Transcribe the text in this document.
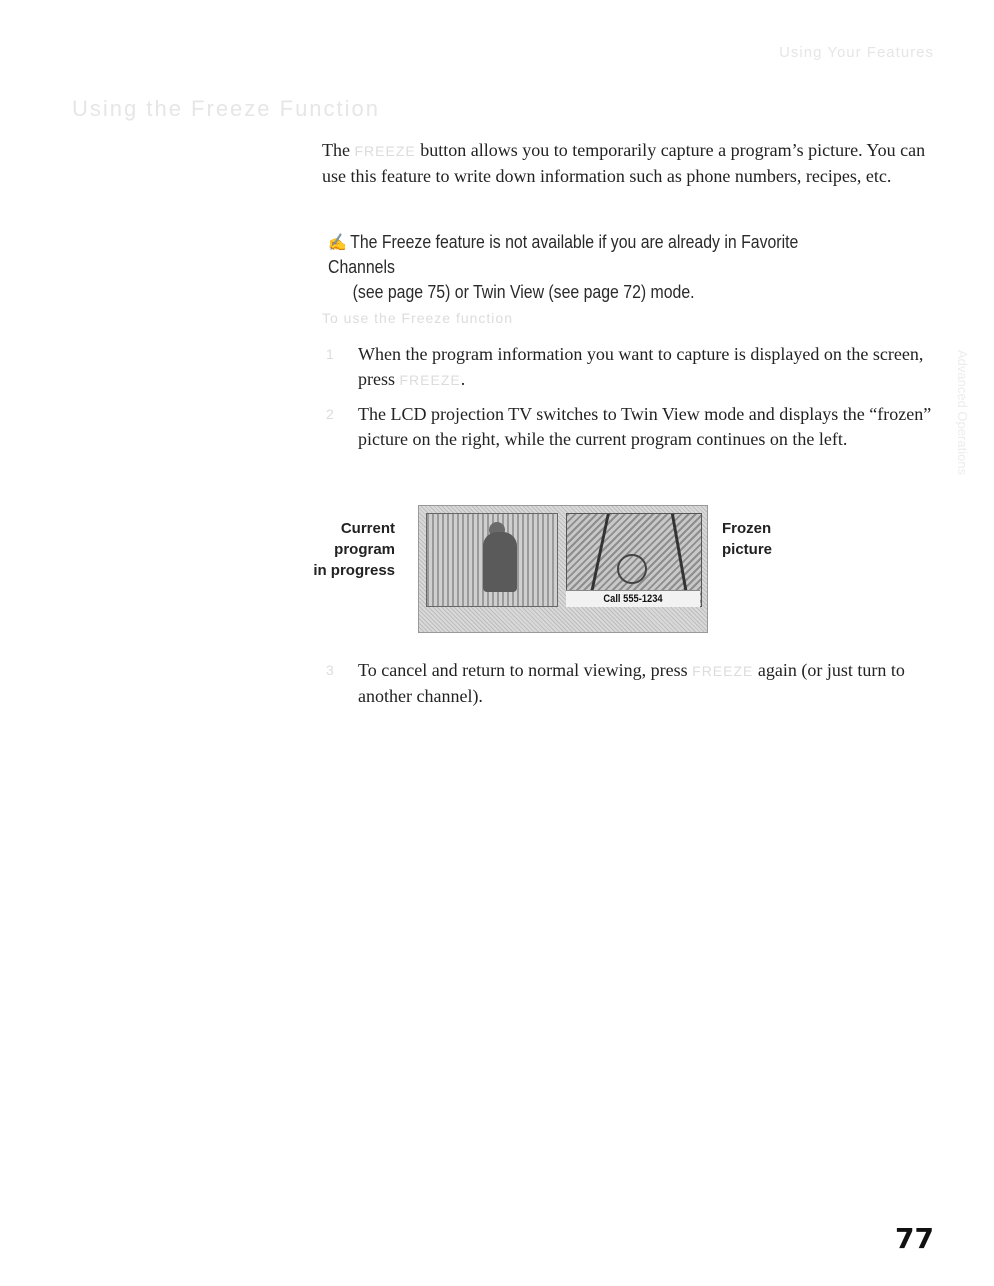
Using Your Features
Using the Freeze Function
Advanced Operations
The FREEZE button allows you to temporarily capture a program’s picture. You can use this feature to write down information such as phone numbers, recipes, etc.
✍ The Freeze feature is not available if you are already in Favorite Channels
(see page 75) or Twin View (see page 72) mode.
To use the Freeze function
1	When the program information you want to capture is displayed on the screen, press FREEZE.
2	The LCD projection TV switches to Twin View mode and displays the “frozen” picture on the right, while the current program continues on the left.
Current
program
in progress
Call 555-1234
Frozen
picture
3	To cancel and return to normal viewing, press FREEZE again (or just turn to another channel).
77
